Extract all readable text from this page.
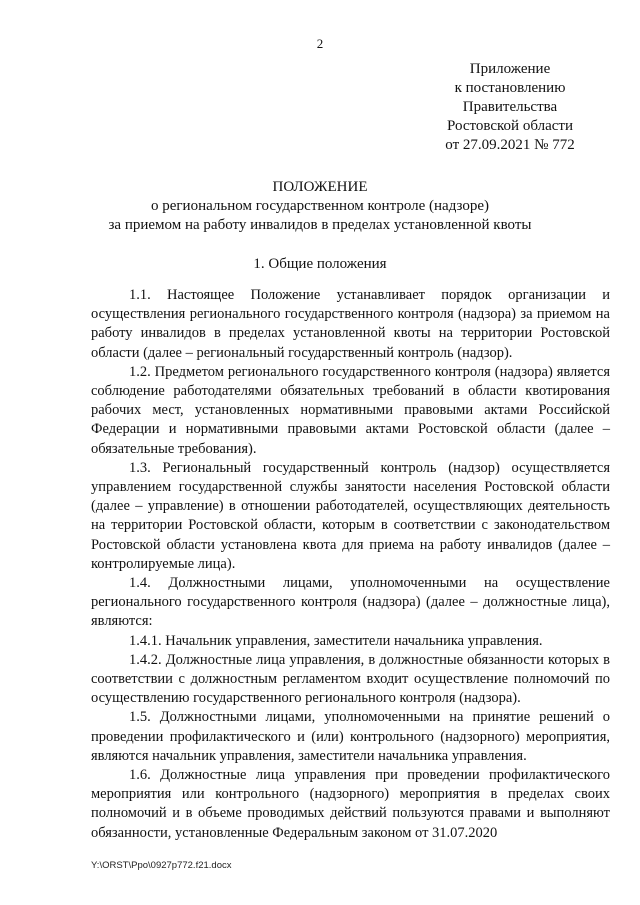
2
Приложение
к постановлению
Правительства
Ростовской области
от 27.09.2021 № 772
ПОЛОЖЕНИЕ
о региональном государственном контроле (надзоре)
за приемом на работу инвалидов в пределах установленной квоты
1. Общие положения

1.1. Настоящее Положение устанавливает порядок организации и осуществления регионального государственного контроля (надзора) за приемом на работу инвалидов в пределах установленной квоты на территории Ростовской области (далее – региональный государственный контроль (надзор).

1.2. Предметом регионального государственного контроля (надзора) является соблюдение работодателями обязательных требований в области квотирования рабочих мест, установленных нормативными правовыми актами Российской Федерации и нормативными правовыми актами Ростовской области (далее – обязательные требования).

1.3. Региональный государственный контроль (надзор) осуществляется управлением государственной службы занятости населения Ростовской области (далее – управление) в отношении работодателей, осуществляющих деятельность на территории Ростовской области, которым в соответствии с законодательством Ростовской области установлена квота для приема на работу инвалидов (далее – контролируемые лица).

1.4. Должностными лицами, уполномоченными на осуществление регионального государственного контроля (надзора) (далее – должностные лица), являются:

1.4.1. Начальник управления, заместители начальника управления.

1.4.2. Должностные лица управления, в должностные обязанности которых в соответствии с должностным регламентом входит осуществление полномочий по осуществлению государственного регионального контроля (надзора).

1.5. Должностными лицами, уполномоченными на принятие решений о проведении профилактического и (или) контрольного (надзорного) мероприятия, являются начальник управления, заместители начальника управления.

1.6. Должностные лица управления при проведении профилактического мероприятия или контрольного (надзорного) мероприятия в пределах своих полномочий и в объеме проводимых действий пользуются правами и выполняют обязанности, установленные Федеральным законом от 31.07.2020

Y:\ORST\Ppo\0927p772.f21.docx
